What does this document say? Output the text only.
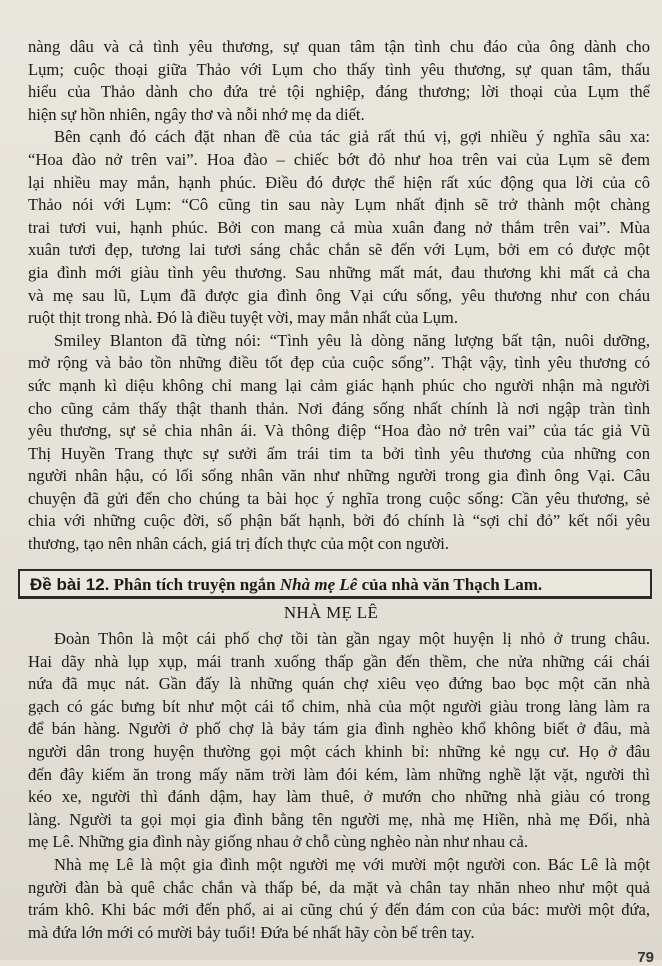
nàng dâu và cả tình yêu thương, sự quan tâm tận tình chu đáo của ông dành cho

Lụm; cuộc thoại giữa Thảo với Lụm cho thấy tình yêu thương, sự quan tâm, thấu

hiểu của Thảo dành cho đứa trẻ tội nghiệp, đáng thương; lời thoại của Lụm thể

hiện sự hồn nhiên, ngây thơ và nỗi nhớ mẹ da diết.

Bên cạnh đó cách đặt nhan đề của tác giả rất thú vị, gợi nhiều ý nghĩa sâu xa:

“Hoa đào nở trên vai”. Hoa đào – chiếc bớt đỏ như hoa trên vai của Lụm sẽ đem

lại nhiều may mắn, hạnh phúc. Điều đó được thể hiện rất xúc động qua lời của cô

Thảo nói với Lụm: “Cô cũng tin sau này Lụm nhất định sẽ trở thành một chàng

trai tươi vui, hạnh phúc. Bởi con mang cả mùa xuân đang nở thắm trên vai”. Mùa

xuân tươi đẹp, tương lai tươi sáng chắc chắn sẽ đến với Lụm, bởi em có được một

gia đình mới giàu tình yêu thương. Sau những mất mát, đau thương khi mất cả cha

và mẹ sau lũ, Lụm đã được gia đình ông Vại cứu sống, yêu thương như con cháu

ruột thịt trong nhà. Đó là điều tuyệt vời, may mắn nhất của Lụm.

Smiley Blanton đã từng nói: “Tình yêu là dòng năng lượng bất tận, nuôi dưỡng,

mở rộng và bảo tồn những điều tốt đẹp của cuộc sống”. Thật vậy, tình yêu thương có

sức mạnh kì diệu không chỉ mang lại cảm giác hạnh phúc cho người nhận mà người

cho cũng cảm thấy thật thanh thản. Nơi đáng sống nhất chính là nơi ngập tràn tình

yêu thương, sự sẻ chia nhân ái. Và thông điệp “Hoa đào nở trên vai” của tác giả Vũ

Thị Huyền Trang thực sự sưởi ấm trái tim ta bởi tình yêu thương của những con

người nhân hậu, có lối sống nhân văn như những người trong gia đình ông Vại. Câu

chuyện đã gửi đến cho chúng ta bài học ý nghĩa trong cuộc sống: Cần yêu thương, sẻ

chia với những cuộc đời, số phận bất hạnh, bởi đó chính là “sợi chỉ đỏ” kết nối yêu

thương, tạo nên nhân cách, giá trị đích thực của một con người.

Đề bài 12. Phân tích truyện ngắn Nhà mẹ Lê của nhà văn Thạch Lam.

NHÀ MẸ LÊ

Đoàn Thôn là một cái phố chợ tồi tàn gần ngay một huyện lị nhỏ ở trung châu.

Hai dãy nhà lụp xụp, mái tranh xuống thấp gần đến thềm, che nửa những cái chái

nứa đã mục nát. Gần đấy là những quán chợ xiêu vẹo đứng bao bọc một căn nhà

gạch có gác bưng bít như một cái tổ chim, nhà của một người giàu trong làng làm ra

để bán hàng. Người ở phố chợ là bảy tám gia đình nghèo khổ không biết ở đâu, mà

người dân trong huyện thường gọi một cách khinh bỉ: những kẻ ngụ cư. Họ ở đâu

đến đây kiếm ăn trong mấy năm trời làm đói kém, làm những nghề lặt vặt, người thì

kéo xe, người thì đánh dậm, hay làm thuê, ở mướn cho những nhà giàu có trong

làng. Người ta gọi mọi gia đình bằng tên người mẹ, nhà mẹ Hiền, nhà mẹ Đối, nhà

mẹ Lê. Những gia đình này giống nhau ở chỗ cùng nghèo nàn như nhau cả.

Nhà mẹ Lê là một gia đình một người mẹ với mười một người con. Bác Lê là một

người đàn bà quê chắc chắn và thấp bé, da mặt và chân tay nhăn nheo như một quả

trám khô. Khi bác mới đến phố, ai ai cũng chú ý đến đám con của bác: mười một đứa,

mà đứa lớn mới có mười bảy tuổi! Đứa bé nhất hãy còn bế trên tay.

79
